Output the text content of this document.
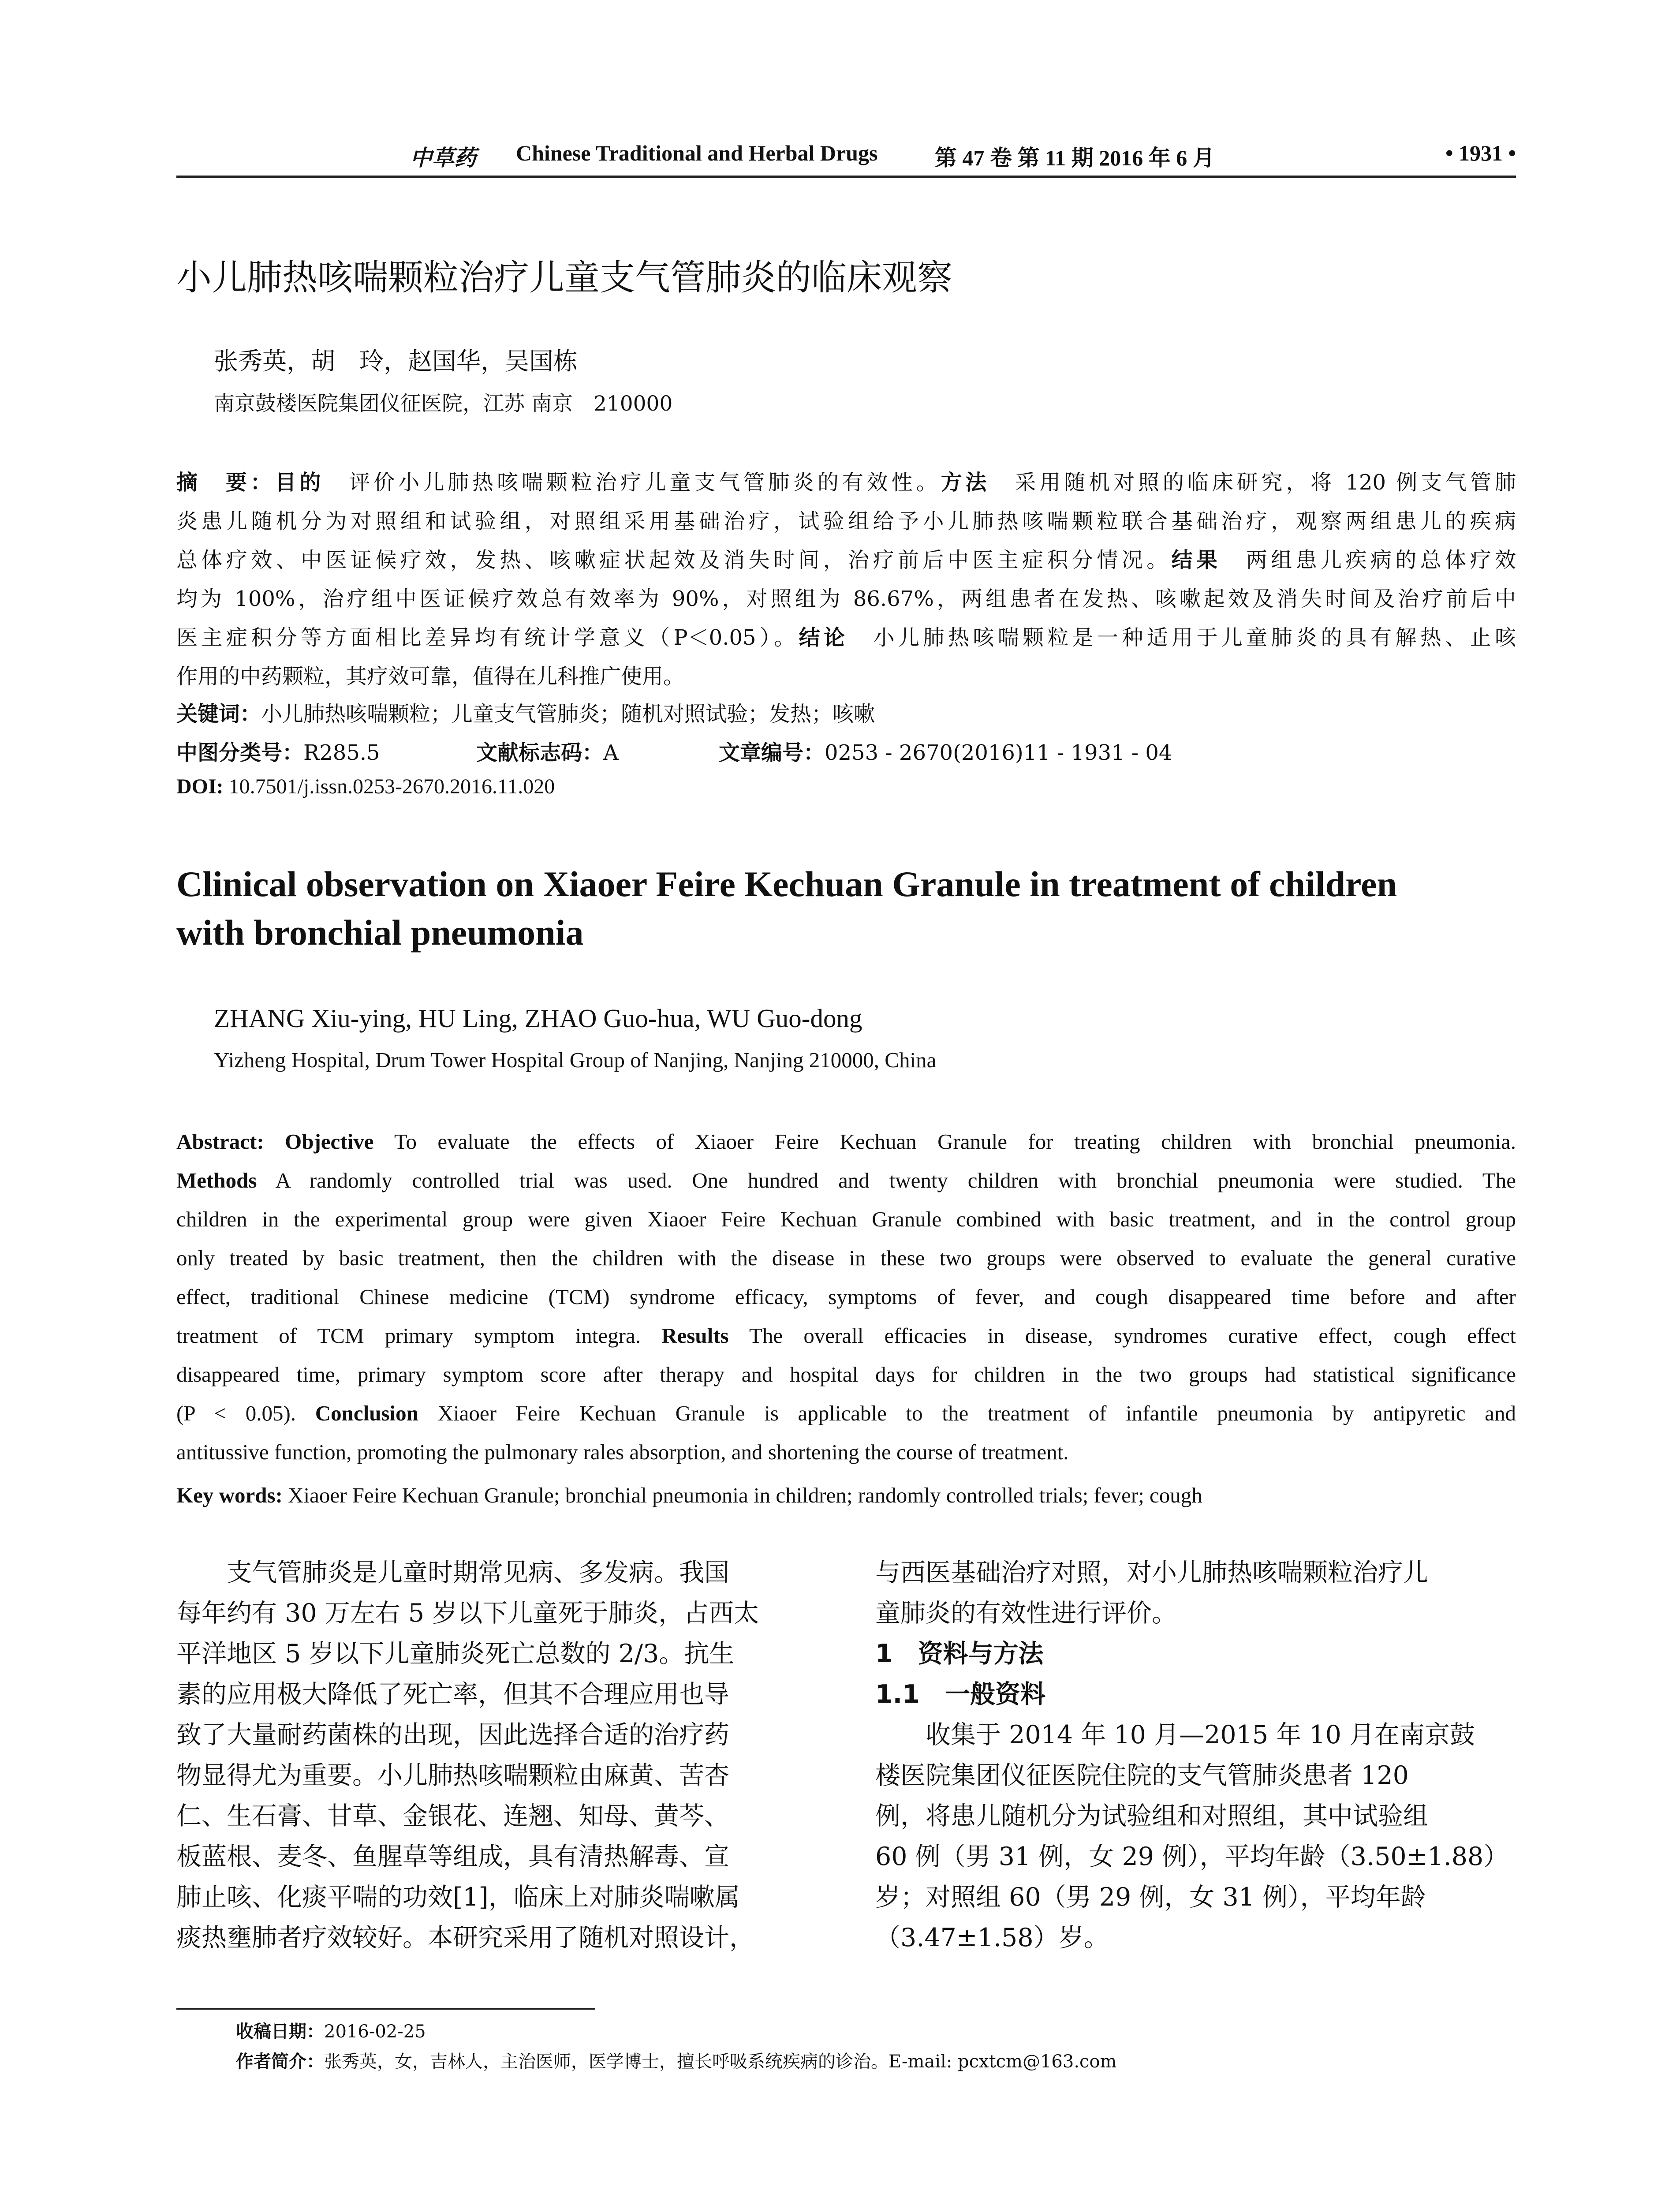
中草药 Chinese Traditional and Herbal Drugs	第 47 卷 第 11 期 2016 年 6 月	• 1931 •
小儿肺热咳喘颗粒治疗儿童支气管肺炎的临床观察
张秀英，胡　玲，赵国华，吴国栋
南京鼓楼医院集团仪征医院，江苏 南京　210000
摘　要：目的　评价小儿肺热咳喘颗粒治疗儿童支气管肺炎的有效性。方法　采用随机对照的临床研究，将 120 例支气管肺
炎患儿随机分为对照组和试验组，对照组采用基础治疗，试验组给予小儿肺热咳喘颗粒联合基础治疗，观察两组患儿的疾病
总体疗效、中医证候疗效，发热、咳嗽症状起效及消失时间，治疗前后中医主症积分情况。结果　两组患儿疾病的总体疗效
均为 100%，治疗组中医证候疗效总有效率为 90%，对照组为 86.67%，两组患者在发热、咳嗽起效及消失时间及治疗前后中
医主症积分等方面相比差异均有统计学意义（P＜0.05）。结论　小儿肺热咳喘颗粒是一种适用于儿童肺炎的具有解热、止咳
作用的中药颗粒，其疗效可靠，值得在儿科推广使用。
关键词：小儿肺热咳喘颗粒；儿童支气管肺炎；随机对照试验；发热；咳嗽
中图分类号：R285.5	文献标志码：A	文章编号：0253 - 2670(2016)11 - 1931 - 04
DOI: 10.7501/j.issn.0253-2670.2016.11.020
Clinical observation on Xiaoer Feire Kechuan Granule in treatment of children
with bronchial pneumonia
ZHANG Xiu-ying, HU Ling, ZHAO Guo-hua, WU Guo-dong
Yizheng Hospital, Drum Tower Hospital Group of Nanjing, Nanjing 210000, China
Abstract: Objective To evaluate the effects of Xiaoer Feire Kechuan Granule for treating children with bronchial pneumonia.
Methods A randomly controlled trial was used. One hundred and twenty children with bronchial pneumonia were studied. The
children in the experimental group were given Xiaoer Feire Kechuan Granule combined with basic treatment, and in the control group
only treated by basic treatment, then the children with the disease in these two groups were observed to evaluate the general curative
effect, traditional Chinese medicine (TCM) syndrome efficacy, symptoms of fever, and cough disappeared time before and after
treatment of TCM primary symptom integra. Results The overall efficacies in disease, syndromes curative effect, cough effect
disappeared time, primary symptom score after therapy and hospital days for children in the two groups had statistical significance
(P < 0.05). Conclusion Xiaoer Feire Kechuan Granule is applicable to the treatment of infantile pneumonia by antipyretic and
antitussive function, promoting the pulmonary rales absorption, and shortening the course of treatment.
Key words: Xiaoer Feire Kechuan Granule; bronchial pneumonia in children; randomly controlled trials; fever; cough
　　支气管肺炎是儿童时期常见病、多发病。我国
每年约有 30 万左右 5 岁以下儿童死于肺炎，占西太
平洋地区 5 岁以下儿童肺炎死亡总数的 2/3。抗生
素的应用极大降低了死亡率，但其不合理应用也导
致了大量耐药菌株的出现，因此选择合适的治疗药
物显得尤为重要。小儿肺热咳喘颗粒由麻黄、苦杏
仁、生石膏、甘草、金银花、连翘、知母、黄芩、
板蓝根、麦冬、鱼腥草等组成，具有清热解毒、宣
肺止咳、化痰平喘的功效[1]，临床上对肺炎喘嗽属
痰热壅肺者疗效较好。本研究采用了随机对照设计，
与西医基础治疗对照，对小儿肺热咳喘颗粒治疗儿
童肺炎的有效性进行评价。
1　资料与方法
1.1　一般资料
　　收集于 2014 年 10 月—2015 年 10 月在南京鼓
楼医院集团仪征医院住院的支气管肺炎患者 120
例，将患儿随机分为试验组和对照组，其中试验组
60 例（男 31 例，女 29 例），平均年龄（3.50±1.88）
岁；对照组 60（男 29 例，女 31 例），平均年龄
（3.47±1.58）岁。
收稿日期：2016-02-25
作者简介：张秀英，女，吉林人，主治医师，医学博士，擅长呼吸系统疾病的诊治。E-mail: pcxtcm@163.com
